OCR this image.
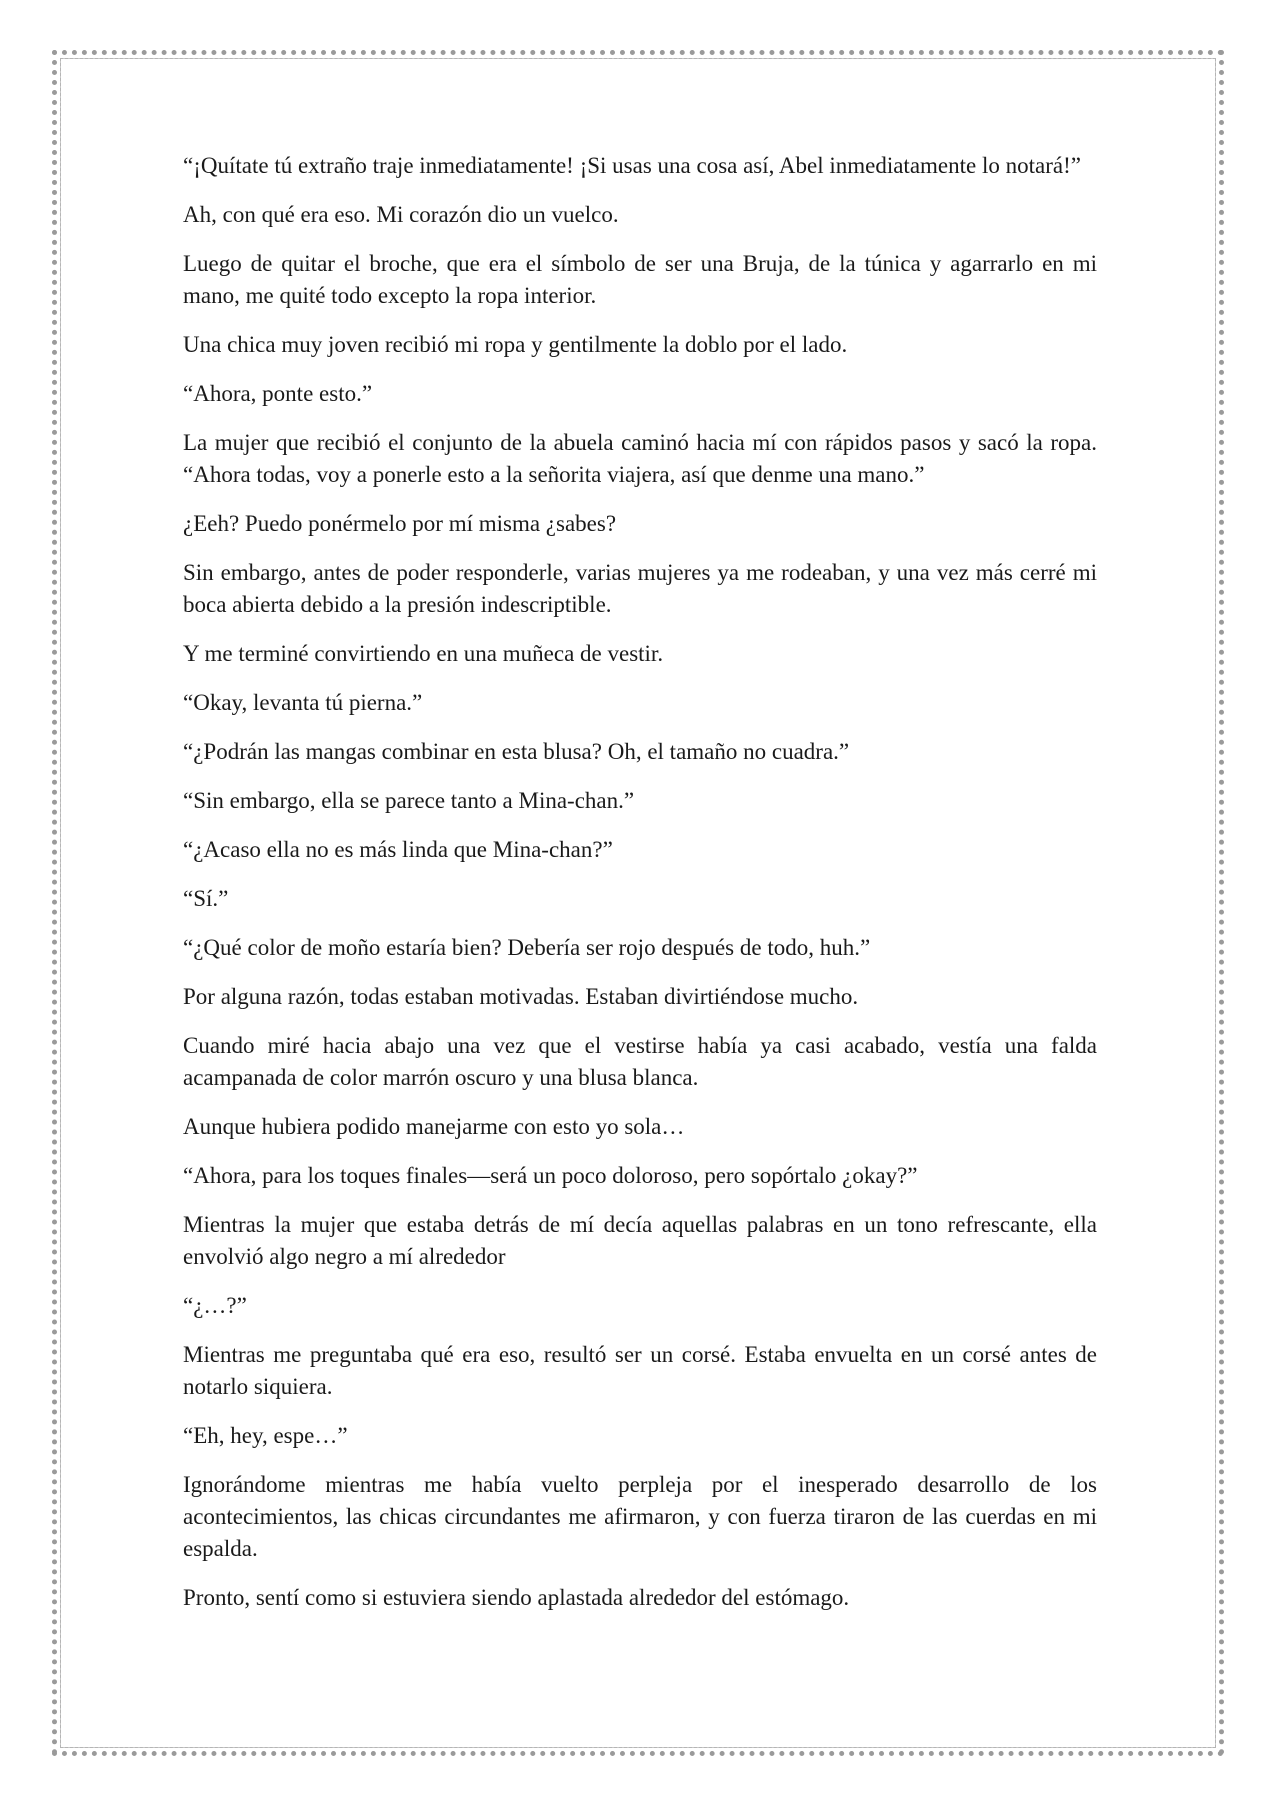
“¡Quítate tú extraño traje inmediatamente! ¡Si usas una cosa así, Abel inmediatamente lo notará!”

Ah, con qué era eso. Mi corazón dio un vuelco.

Luego de quitar el broche, que era el símbolo de ser una Bruja, de la túnica y agarrarlo en mi mano, me quité todo excepto la ropa interior.

Una chica muy joven recibió mi ropa y gentilmente la doblo por el lado.

“Ahora, ponte esto.”

La mujer que recibió el conjunto de la abuela caminó hacia mí con rápidos pasos y sacó la ropa. “Ahora todas, voy a ponerle esto a la señorita viajera, así que denme una mano.”

¿Eeh? Puedo ponérmelo por mí misma ¿sabes?

Sin embargo, antes de poder responderle, varias mujeres ya me rodeaban, y una vez más cerré mi boca abierta debido a la presión indescriptible.

Y me terminé convirtiendo en una muñeca de vestir.

“Okay, levanta tú pierna.”

“¿Podrán las mangas combinar en esta blusa? Oh, el tamaño no cuadra.”

“Sin embargo, ella se parece tanto a Mina-chan.”

“¿Acaso ella no es más linda que Mina-chan?”

“Sí.”

“¿Qué color de moño estaría bien? Debería ser rojo después de todo, huh.”

Por alguna razón, todas estaban motivadas. Estaban divirtiéndose mucho.

Cuando miré hacia abajo una vez que el vestirse había ya casi acabado, vestía una falda acampanada de color marrón oscuro y una blusa blanca.

Aunque hubiera podido manejarme con esto yo sola…

“Ahora, para los toques finales—será un poco doloroso, pero sopórtalo ¿okay?”

Mientras la mujer que estaba detrás de mí decía aquellas palabras en un tono refrescante, ella envolvió algo negro a mí alrededor

“¿…?”

Mientras me preguntaba qué era eso, resultó ser un corsé. Estaba envuelta en un corsé antes de notarlo siquiera.

“Eh, hey, espe…”

Ignorándome mientras me había vuelto perpleja por el inesperado desarrollo de los acontecimientos, las chicas circundantes me afirmaron, y con fuerza tiraron de las cuerdas en mi espalda.

Pronto, sentí como si estuviera siendo aplastada alrededor del estómago.
